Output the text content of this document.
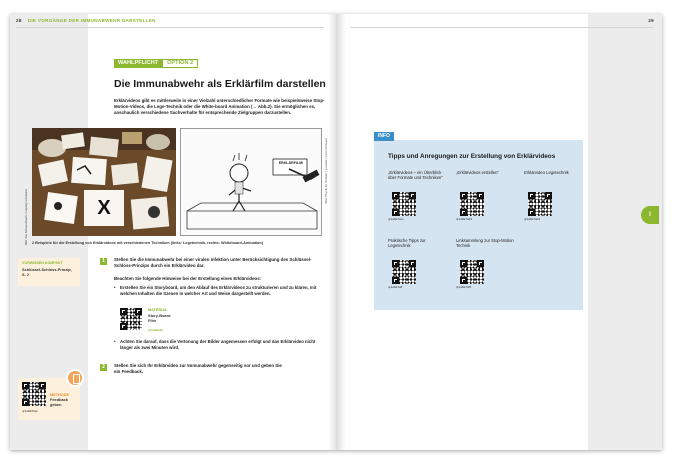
28 DIE VORGÄNGE DER IMMUNABWEHR DARSTELLEN	29
WAHLPFLICHT	OPTION 2
Die Immunabwehr als Erklärfilm darstellen
Erklärvideos gibt es mittlerweile in einer Vielzahl unterschiedlicher Formate wie beispielsweise Stop-Motion-Videos, die Lege-Technik oder die White-board Animation (→ Abb.2). Sie ermöglichen es, anschaulich verschiedene Sachverhalte für entsprechende Zielgruppen darzustellen.
X
Bild: Kai Schwarzbach / Leipzig Lehrpläne
ERKLÄRFILM!	Bild: Physik für Schüler / youtube / Lena Schwarz
2 Beispiele für die Erstellung von Erklärvideos mit verschiedenen Techniken (links: Legetechnik, rechts: Whiteboard-Animation)
VORWISSEN KOMPAKT
Schlüssel-Schloss-Prinzip, S. 2
1	Stellen Sie die Immunabwehr bei einer viralen Infektion unter Berücksichtigung des Schlüssel-Schloss-Prinzips durch ein Erklärvideo dar.
Beachten Sie folgende Hinweise bei der Erstellung eines Erklärvideos:
• Erstellen Sie ein Storyboard, um den Ablauf des Erklärvideos zu strukturieren und zu klären, mit welchen Inhalten die Szenen in welcher Art und Weise dargestellt werden.
MATERIAL
Story-Board Film
qr1a8a5ab
• Achten Sie darauf, dass die Vertonung der Bilder angemessen erfolgt und das Erklärvideo nicht länger als zwei Minuten wird.
2	Stellen Sie sich Ihr Erklärvideo zur Immunabwehr gegenseitig vor und geben Sie ein Feedback.
METHODE
Feedback geben
qr1a8a5fqw
INFO
Tipps und Anregungen zur Erstellung von Erklärvideos
„Erklärvideos – ein Überblick über Formate und Techniken“
qr1a8a7acc
„Erklärvideos erstellen“
qr1a8a7ad3
Erklärvideo Legetechnik
qr1a8a7ad3
Praktische Tipps zur Legetechnik
qr1a8a7aff
Linksammlung zur Stop-Motion Technik
qr1a8a7af5
I
